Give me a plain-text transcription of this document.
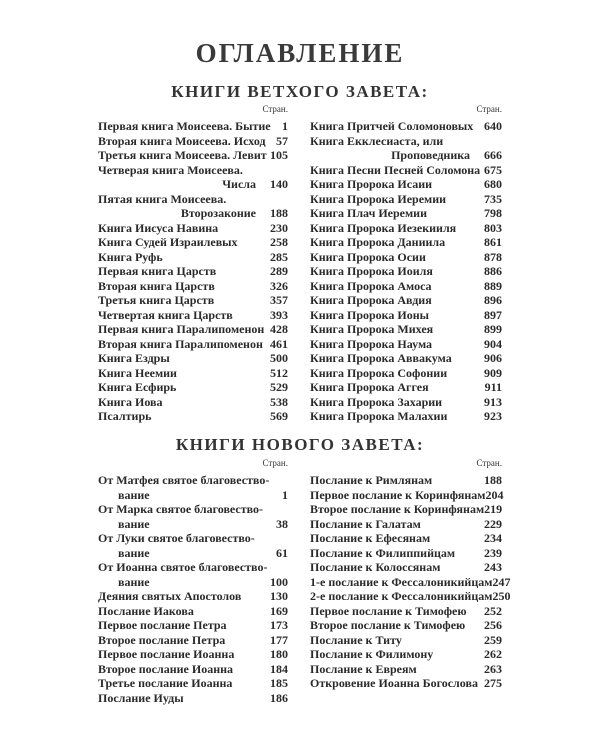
ОГЛАВЛЕНИЕ
КНИГИ ВЕТХОГО ЗАВЕТА:
Стран.
Первая книга Моисеева. Бытие 1
Вторая книга Моисеева. Исход 57
Третья книга Моисеева. Левит 105
Четверая книга Моисеева.
Числа	140
Пятая книга Моисеева.
Второзаконие	188
Книга Иисуса Навина	230
Книга Судей Израилевых	258
Книга Руфь	285
Первая книга Царств	289
Вторая книга Царств	326
Третья книга Царств	357
Четвертая книга Царств	393
Первая книга Паралипоменон 428
Вторая книга Паралипоменон 461
Книга Ездры	500
Книга Неемии	512
Книга Есфирь	529
Книга Иова	538
Псалтирь	569
Стран.
Книга Притчей Соломоновых 640
Книга Екклесиаста, или
Проповедника	666
Книга Песни Песней Соломона 675
Книга Пророка Исаии	680
Книга Пророка Иеремии	735
Книга Плач Иеремии	798
Книга Пророка Иезекииля	803
Книга Пророка Даниила	861
Книга Пророка Осии	878
Книга Пророка Иоиля	886
Книга Пророка Амоса	889
Книга Пророка Авдия	896
Книга Пророка Ионы	897
Книга Пророка Михея	899
Книга Пророка Наума	904
Книга Пророка Аввакума	906
Книга Пророка Софонии	909
Книга Пророка Аггея	911
Книга Пророка Захарии	913
Книга Пророка Малахии	923
КНИГИ НОВОГО ЗАВЕТА:
Стран.
От Матфея святое благовество-
вание	1
От Марка святое благовество-
вание	38
От Луки святое благовество-
вание	61
От Иоанна святое благовество-
вание	100
Деяния святых Апостолов	130
Послание Иакова	169
Первое послание Петра	173
Второе послание Петра	177
Первое послание Иоанна	180
Второе послание Иоанна	184
Третье послание Иоанна	185
Послание Иуды	186
Стран.
Послание к Римлянам	188
Первое послание к Коринфянам 204
Второе послание к Коринфянам 219
Послание к Галатам	229
Послание к Ефесянам	234
Послание к Филиппийцам	239
Послание к Колоссянам	243
1-е послание к Фессалоникийцам 247
2-е послание к Фессалоникийцам 250
Первое послание к Тимофею	252
Второе послание к Тимофею	256
Послание к Титу	259
Послание к Филимону	262
Послание к Евреям	263
Откровение Иоанна Богослова 275
